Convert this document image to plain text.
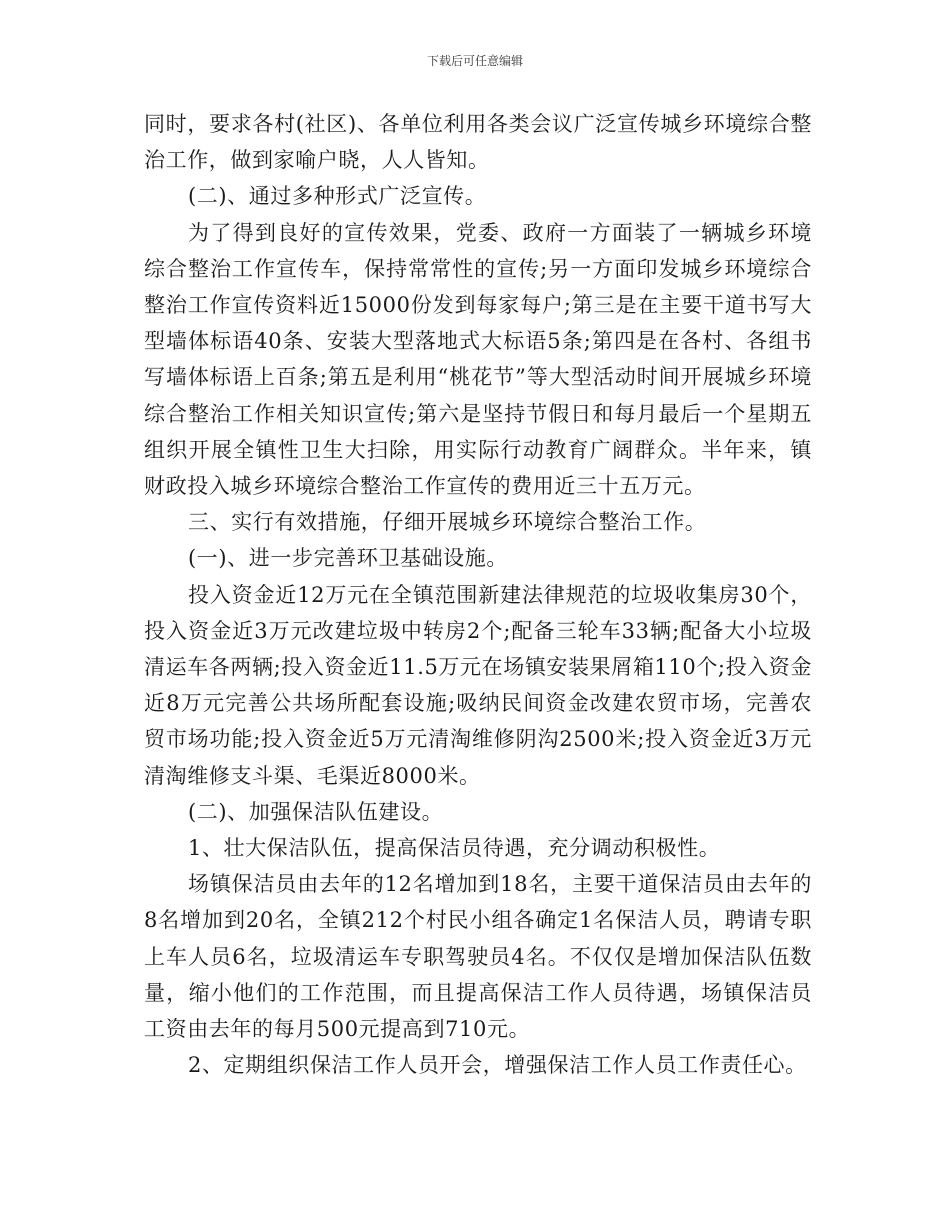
下载后可任意编辑

同时，要求各村(社区)、各单位利用各类会议广泛宣传城乡环境综合整治工作，做到家喻户晓，人人皆知。

(二)、通过多种形式广泛宣传。

为了得到良好的宣传效果，党委、政府一方面装了一辆城乡环境综合整治工作宣传车，保持常常性的宣传;另一方面印发城乡环境综合整治工作宣传资料近15000份发到每家每户;第三是在主要干道书写大型墙体标语40条、安装大型落地式大标语5条;第四是在各村、各组书写墙体标语上百条;第五是利用“桃花节”等大型活动时间开展城乡环境综合整治工作相关知识宣传;第六是坚持节假日和每月最后一个星期五组织开展全镇性卫生大扫除，用实际行动教育广阔群众。半年来，镇财政投入城乡环境综合整治工作宣传的费用近三十五万元。

三、实行有效措施，仔细开展城乡环境综合整治工作。

(一)、进一步完善环卫基础设施。

投入资金近12万元在全镇范围新建法律规范的垃圾收集房30个，投入资金近3万元改建垃圾中转房2个;配备三轮车33辆;配备大小垃圾清运车各两辆;投入资金近11.5万元在场镇安装果屑箱110个;投入资金近8万元完善公共场所配套设施;吸纳民间资金改建农贸市场，完善农贸市场功能;投入资金近5万元清淘维修阴沟2500米;投入资金近3万元清淘维修支斗渠、毛渠近8000米。

(二)、加强保洁队伍建设。

1、壮大保洁队伍，提高保洁员待遇，充分调动积极性。

场镇保洁员由去年的12名增加到18名，主要干道保洁员由去年的8名增加到20名，全镇212个村民小组各确定1名保洁人员，聘请专职上车人员6名，垃圾清运车专职驾驶员4名。不仅仅是增加保洁队伍数量，缩小他们的工作范围，而且提高保洁工作人员待遇，场镇保洁员工资由去年的每月500元提高到710元。

2、定期组织保洁工作人员开会，增强保洁工作人员工作责任心。
